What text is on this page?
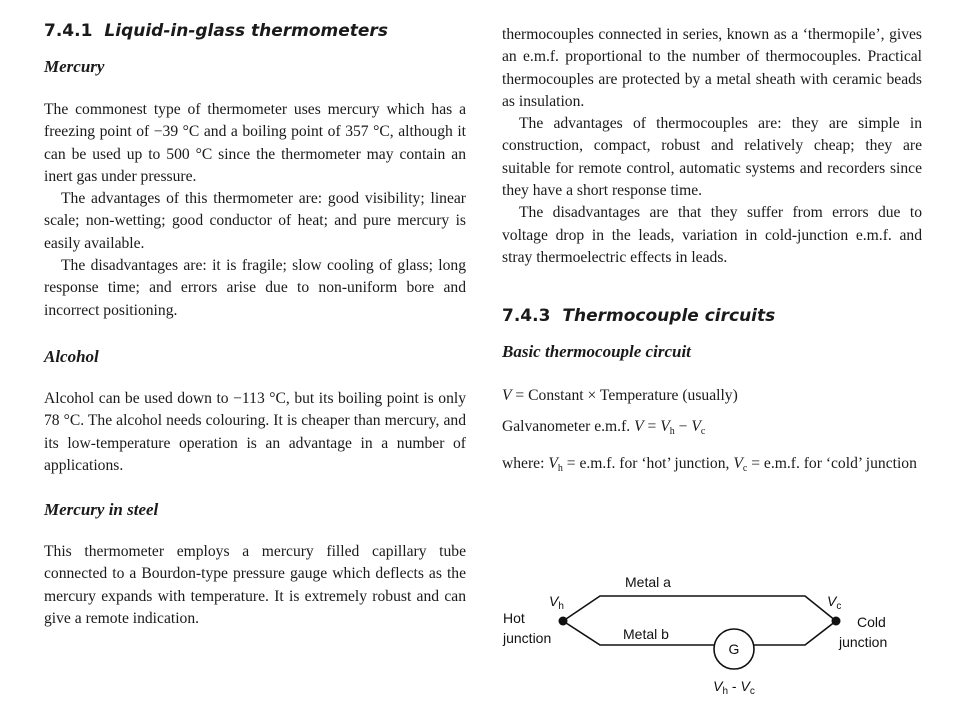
7.4.1 Liquid-in-glass thermometers
Mercury

The commonest type of thermometer uses mercury which has a freezing point of −39 °C and a boiling point of 357 °C, although it can be used up to 500 °C since the thermometer may contain an inert gas under pressure.

The advantages of this thermometer are: good visibility; linear scale; non-wetting; good conductor of heat; and pure mercury is easily available.

The disadvantages are: it is fragile; slow cooling of glass; long response time; and errors arise due to non-uniform bore and incorrect positioning.

Alcohol

Alcohol can be used down to −113 °C, but its boiling point is only 78 °C. The alcohol needs colouring. It is cheaper than mercury, and its low-temperature operation is an advantage in a number of applications.

Mercury in steel

This thermometer employs a mercury filled capillary tube connected to a Bourdon-type pressure gauge which deflects as the mercury expands with temperature. It is extremely robust and can give a remote indication.

thermocouples connected in series, known as a ‘thermopile’, gives an e.m.f. proportional to the number of thermocouples. Practical thermocouples are protected by a metal sheath with ceramic beads as insulation.

The advantages of thermocouples are: they are simple in construction, compact, robust and relatively cheap; they are suitable for remote control, automatic systems and recorders since they have a short response time.

The disadvantages are that they suffer from errors due to voltage drop in the leads, variation in cold-junction e.m.f. and stray thermoelectric effects in leads.

7.4.3 Thermocouple circuits
Basic thermocouple circuit

V = Constant × Temperature (usually)

Galvanometer e.m.f. $V = V_h - V_c$

where: $V_h = e.m.f$. for ‘hot’ junction, $V_c = e.m.f$. for ‘cold’ junction

G
Metal a
Metal b
Hot
junction
Cold
junction
$V_h$	$V_c$
$V_h - V_c$
